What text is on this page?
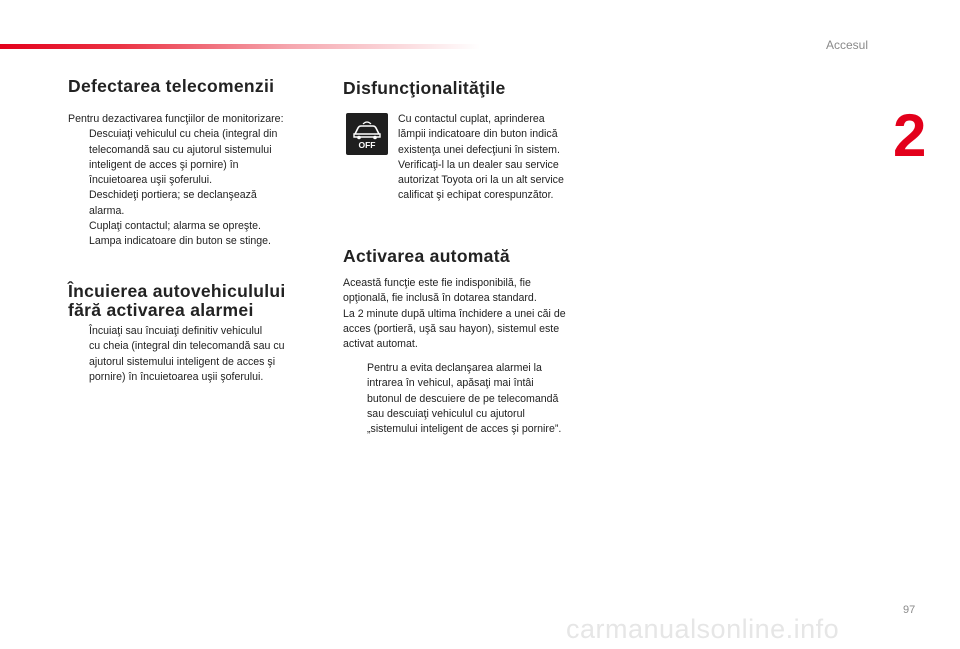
Accesul
2
Defectarea telecomenzii

Pentru dezactivarea funcţiilor de monitorizare:

Descuiaţi vehiculul cu cheia (integral din
telecomandă sau cu ajutorul sistemului
inteligent de acces şi pornire) în
încuietoarea uşii şoferului.
Deschideţi portiera; se declanşează
alarma.
Cuplaţi contactul; alarma se opreşte.
Lampa indicatoare din buton se stinge.
Încuierea autovehiculului
fără activarea alarmei
Încuiaţi sau încuiaţi definitiv vehiculul
cu cheia (integral din telecomandă sau cu
ajutorul sistemului inteligent de acces şi
pornire) în încuietoarea uşii şoferului.
Disfuncţionalităţile
OFF

Cu contactul cuplat, aprinderea

lămpii indicatoare din buton indică

existenţa unei defecţiuni în sistem.

Verificaţi-l la un dealer sau service

autorizat Toyota ori la un alt service

calificat şi echipat corespunzător.

Activarea automată

Această funcţie este fie indisponibilă, fie

opţională, fie inclusă în dotarea standard.

La 2 minute după ultima închidere a unei căi de

acces (portieră, uşă sau hayon), sistemul este

activat automat.

Pentru a evita declanşarea alarmei la
intrarea în vehicul, apăsaţi mai întâi
butonul de descuiere de pe telecomandă
sau descuiaţi vehiculul cu ajutorul
„sistemului inteligent de acces şi pornire”.
97
carmanualsonline.info
